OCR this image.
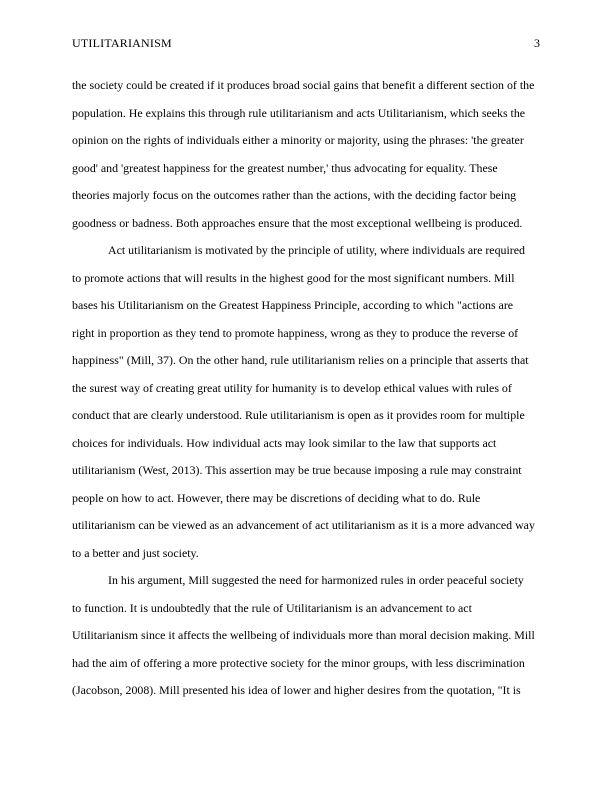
UTILITARIANISM	3
the society could be created if it produces broad social gains that benefit a different section of the
population. He explains this through rule utilitarianism and acts Utilitarianism, which seeks the
opinion on the rights of individuals either a minority or majority, using the phrases: 'the greater
good' and 'greatest happiness for the greatest number,' thus advocating for equality. These
theories majorly focus on the outcomes rather than the actions, with the deciding factor being
goodness or badness. Both approaches ensure that the most exceptional wellbeing is produced.
Act utilitarianism is motivated by the principle of utility, where individuals are required
to promote actions that will results in the highest good for the most significant numbers. Mill
bases his Utilitarianism on the Greatest Happiness Principle, according to which "actions are
right in proportion as they tend to promote happiness, wrong as they to produce the reverse of
happiness" (Mill, 37). On the other hand, rule utilitarianism relies on a principle that asserts that
the surest way of creating great utility for humanity is to develop ethical values with rules of
conduct that are clearly understood. Rule utilitarianism is open as it provides room for multiple
choices for individuals. How individual acts may look similar to the law that supports act
utilitarianism (West, 2013). This assertion may be true because imposing a rule may constraint
people on how to act. However, there may be discretions of deciding what to do. Rule
utilitarianism can be viewed as an advancement of act utilitarianism as it is a more advanced way
to a better and just society.
In his argument, Mill suggested the need for harmonized rules in order peaceful society
to function. It is undoubtedly that the rule of Utilitarianism is an advancement to act
Utilitarianism since it affects the wellbeing of individuals more than moral decision making. Mill
had the aim of offering a more protective society for the minor groups, with less discrimination
(Jacobson, 2008). Mill presented his idea of lower and higher desires from the quotation, "It is
